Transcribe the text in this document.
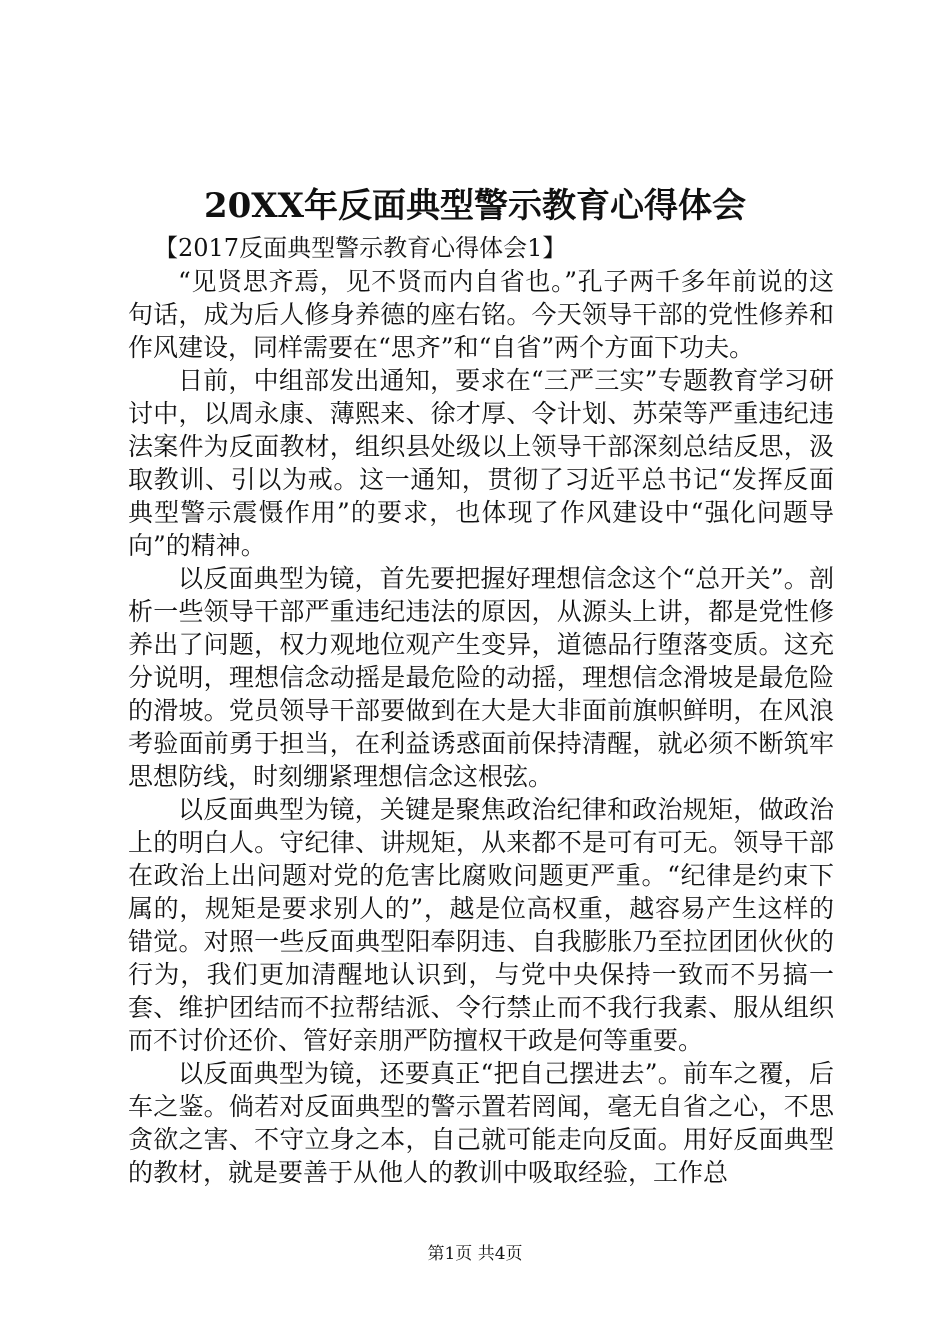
20XX年反面典型警示教育心得体会

【2017反面典型警示教育心得体会1】

“见贤思齐焉，见不贤而内自省也。”孔子两千多年前说的这句话，成为后人修身养德的座右铭。今天领导干部的党性修养和作风建设，同样需要在“思齐”和“自省”两个方面下功夫。

日前，中组部发出通知，要求在“三严三实”专题教育学习研讨中，以周永康、薄熙来、徐才厚、令计划、苏荣等严重违纪违法案件为反面教材，组织县处级以上领导干部深刻总结反思，汲取教训、引以为戒。这一通知，贯彻了习近平总书记“发挥反面典型警示震慑作用”的要求，也体现了作风建设中“强化问题导向”的精神。

以反面典型为镜，首先要把握好理想信念这个“总开关”。剖析一些领导干部严重违纪违法的原因，从源头上讲，都是党性修养出了问题，权力观地位观产生变异，道德品行堕落变质。这充分说明，理想信念动摇是最危险的动摇，理想信念滑坡是最危险的滑坡。党员领导干部要做到在大是大非面前旗帜鲜明，在风浪考验面前勇于担当，在利益诱惑面前保持清醒，就必须不断筑牢思想防线，时刻绷紧理想信念这根弦。

以反面典型为镜，关键是聚焦政治纪律和政治规矩，做政治上的明白人。守纪律、讲规矩，从来都不是可有可无。领导干部在政治上出问题对党的危害比腐败问题更严重。“纪律是约束下属的，规矩是要求别人的”，越是位高权重，越容易产生这样的错觉。对照一些反面典型阳奉阴违、自我膨胀乃至拉团团伙伙的行为，我们更加清醒地认识到，与党中央保持一致而不另搞一套、维护团结而不拉帮结派、令行禁止而不我行我素、服从组织而不讨价还价、管好亲朋严防擅权干政是何等重要。

以反面典型为镜，还要真正“把自己摆进去”。前车之覆，后车之鉴。倘若对反面典型的警示置若罔闻，毫无自省之心，不思贪欲之害、不守立身之本，自己就可能走向反面。用好反面典型的教材，就是要善于从他人的教训中吸取经验，工作总

第1页 共4页
